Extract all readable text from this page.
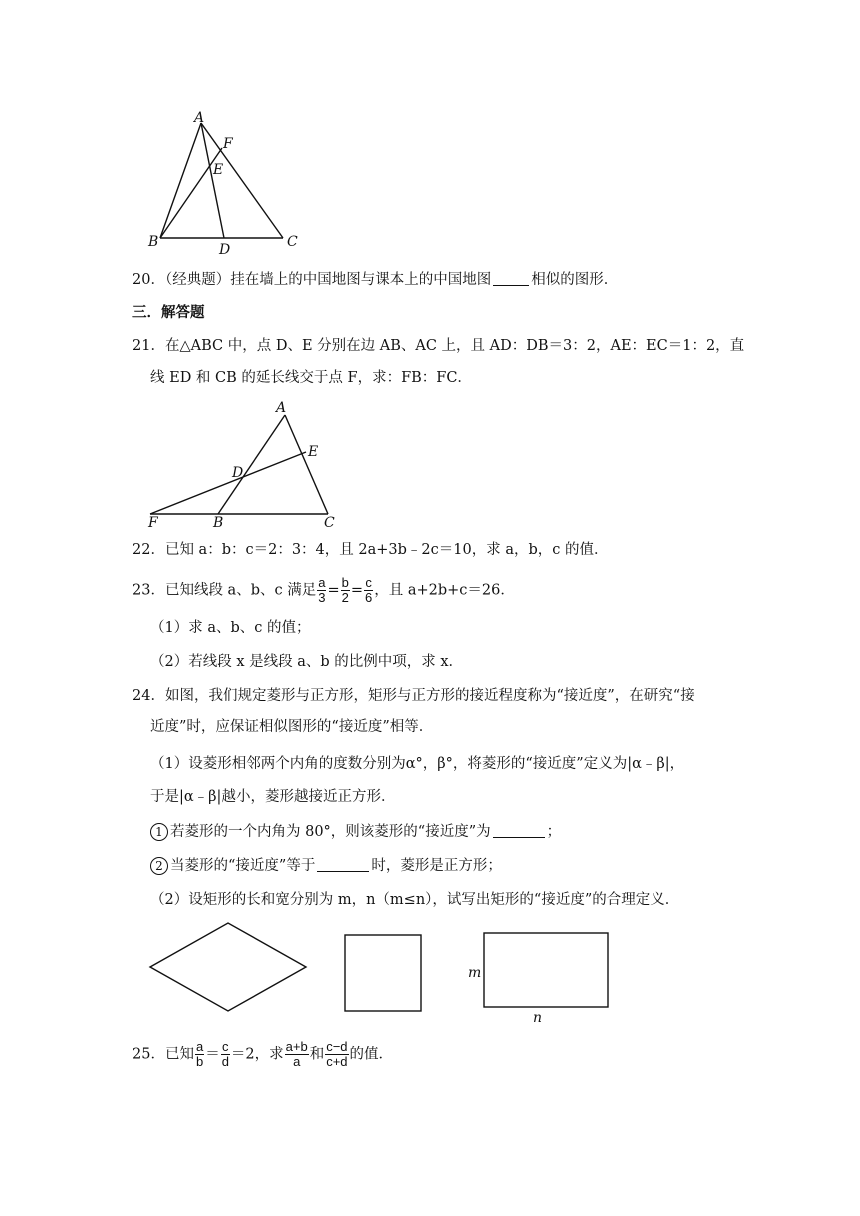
A
F
E
B	D	C
20．（经典题）挂在墙上的中国地图与课本上的中国地图	相似的图形．
三．解答题
21．在△ABC 中，点 D、E 分别在边 AB、AC 上，且 AD：DB＝3：2，AE：EC＝1：2，直
线 ED 和 CB 的延长线交于点 F，求：FB：FC．
A
E
D
F	B	C
22．已知 a：b：c＝2：3：4，且 2a+3b﹣2c＝10，求 a，b，c 的值．
23．已知线段 a、b、c 满足 $\frac{a}{3} = \frac{b}{2} = \frac{c}{6}$ ，且 a+2b+c＝26．
（1）求 a、b、c 的值；
（2）若线段 x 是线段 a、b 的比例中项，求 x．
24．如图，我们规定菱形与正方形，矩形与正方形的接近程度称为“接近度”，在研究“接
近度”时，应保证相似图形的“接近度”相等．
（1）设菱形相邻两个内角的度数分别为α°，β°，将菱形的“接近度”定义为|α﹣β|，
于是|α﹣β|越小，菱形越接近正方形．
1 若菱形的一个内角为 80°，则该菱形的“接近度”为	；
2 当菱形的“接近度”等于	时，菱形是正方形；
（2）设矩形的长和宽分别为 m，n（m≤n），试写出矩形的“接近度”的合理定义．
m
n
25．已知 $\frac{a}{b} = \frac{c}{d} =2$，求 $\frac{a+b}{a}$ 和 $\frac{c-d}{c+d}$ 的值．
